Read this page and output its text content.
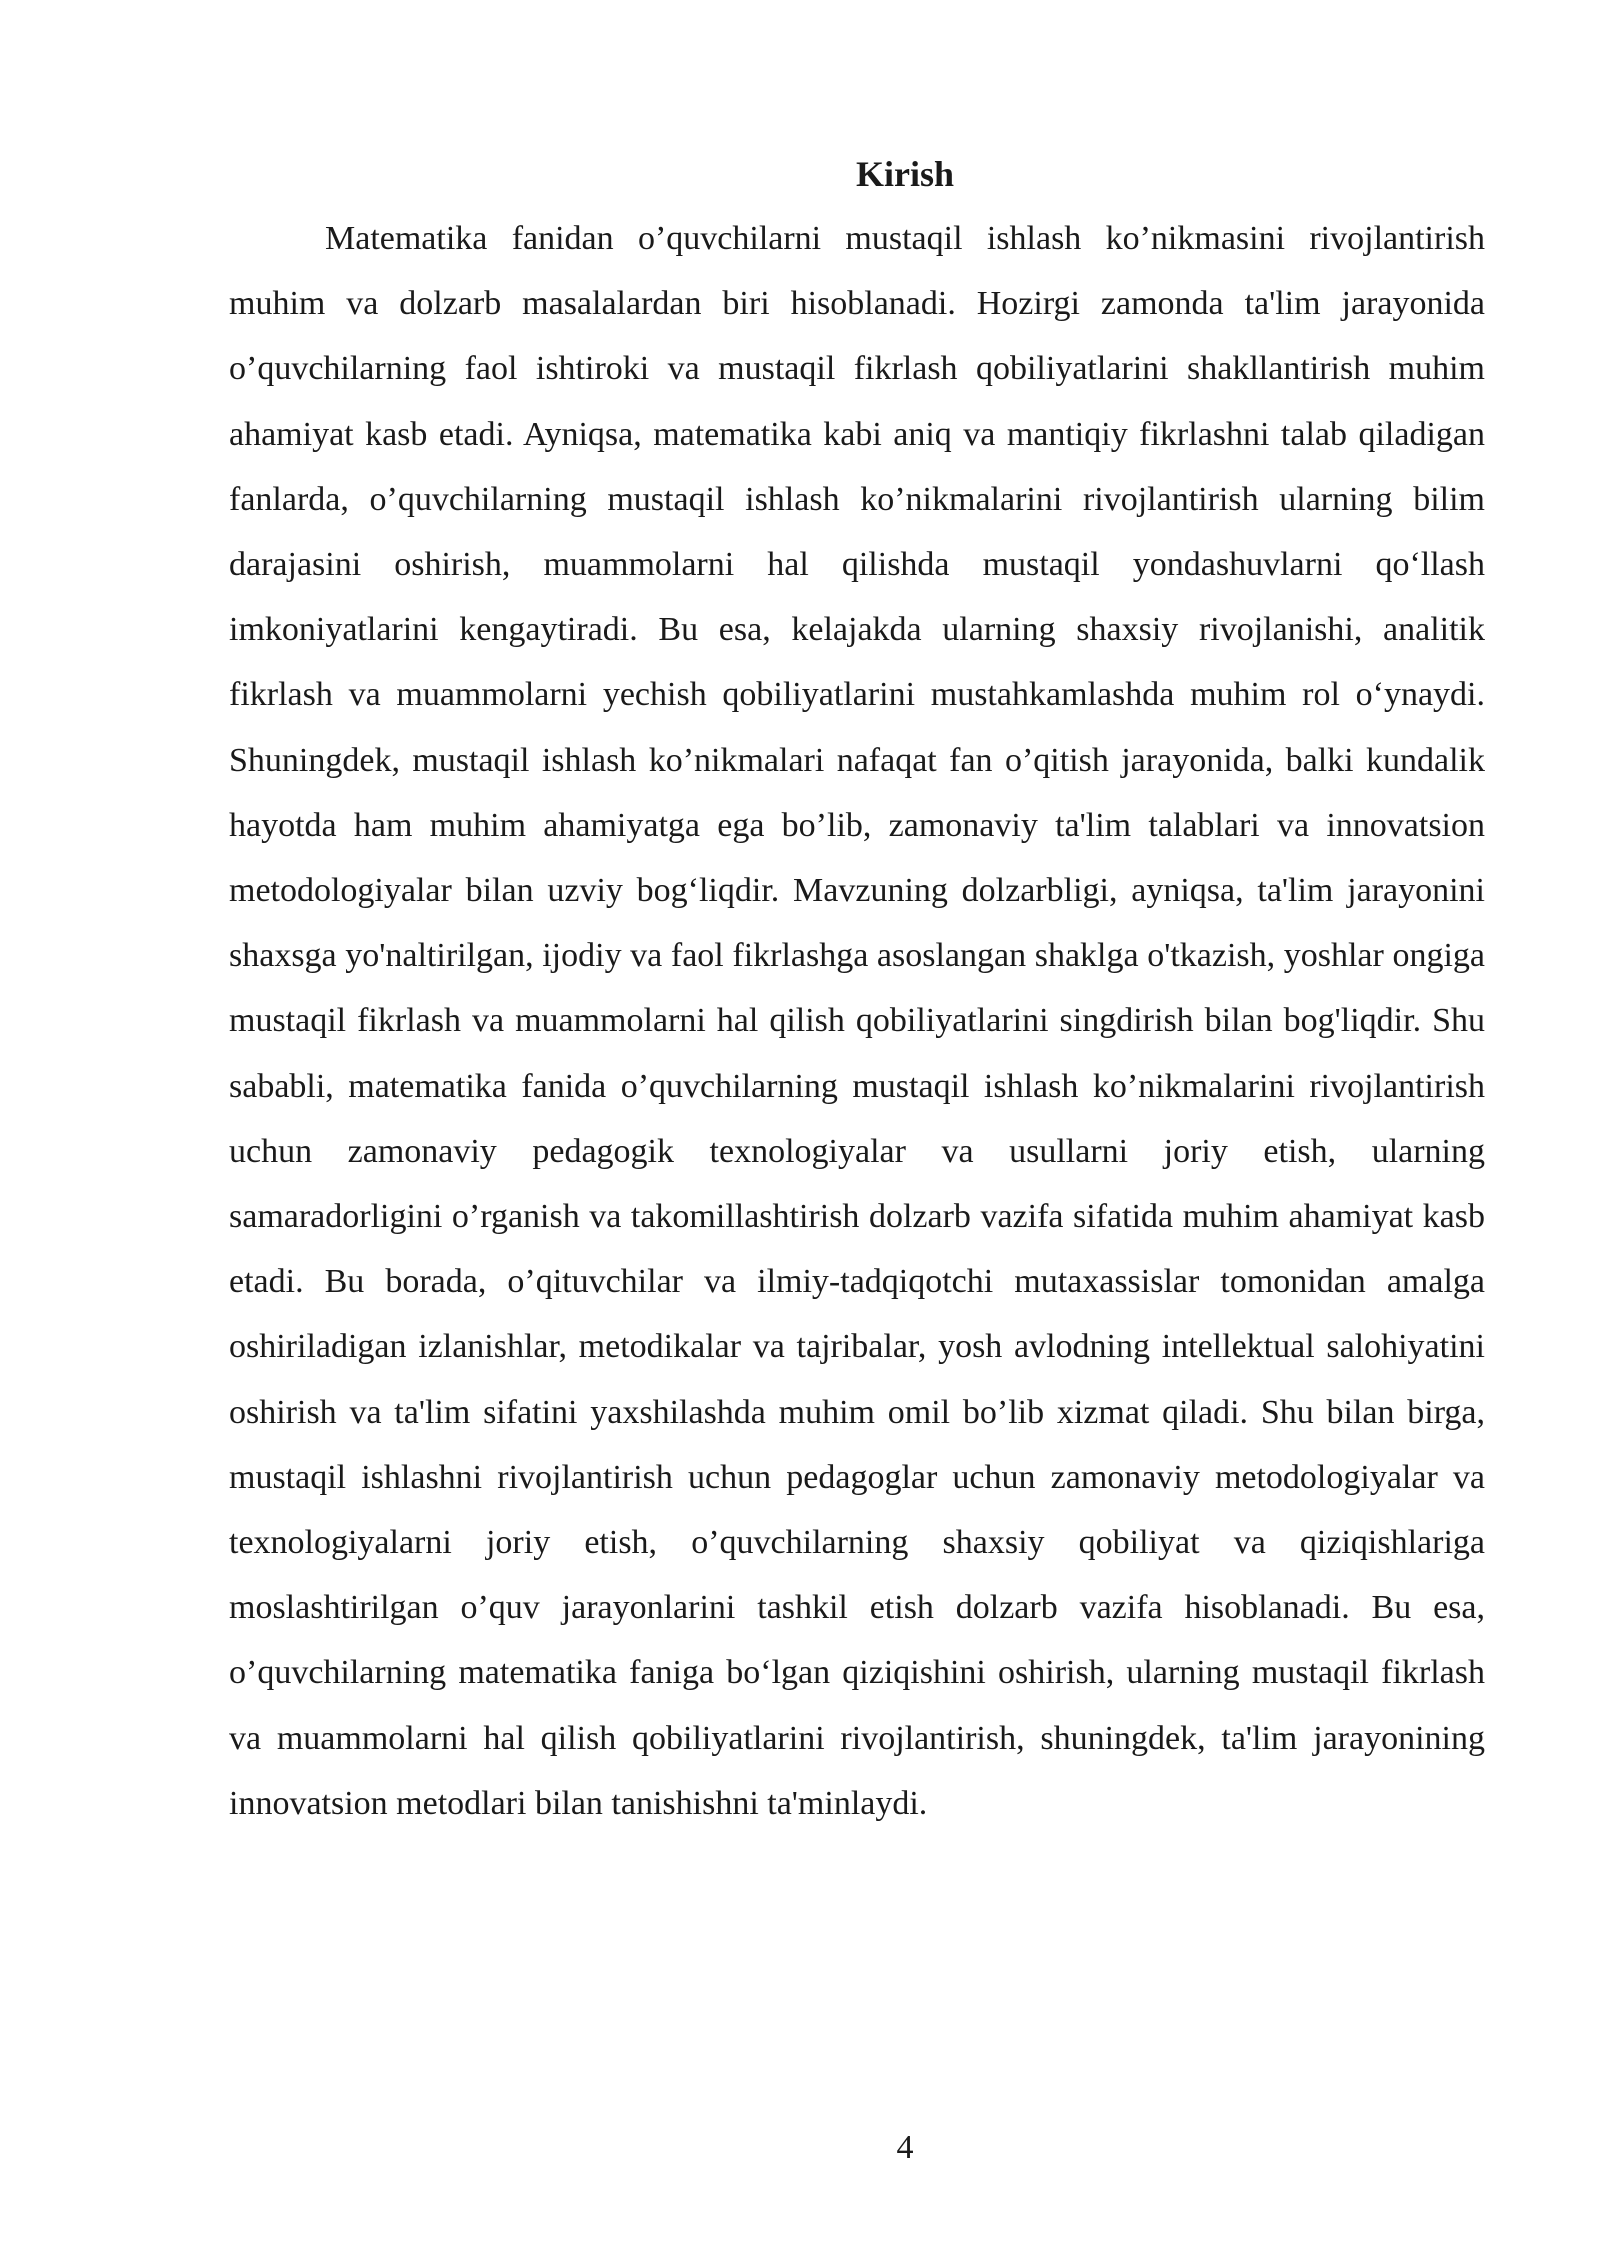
Kirish

Matematika fanidan o’quvchilarni mustaqil ishlash ko’nikmasini rivojlantirish muhim va dolzarb masalalardan biri hisoblanadi. Hozirgi zamonda ta'lim jarayonida o’quvchilarning faol ishtiroki va mustaqil fikrlash qobiliyatlarini shakllantirish muhim ahamiyat kasb etadi. Ayniqsa, matematika kabi aniq va mantiqiy fikrlashni talab qiladigan fanlarda, o’quvchilarning mustaqil ishlash ko’nikmalarini rivojlantirish ularning bilim darajasini oshirish, muammolarni hal qilishda mustaqil yondashuvlarni qo‘llash imkoniyatlarini kengaytiradi. Bu esa, kelajakda ularning shaxsiy rivojlanishi, analitik fikrlash va muammolarni yechish qobiliyatlarini mustahkamlashda muhim rol o‘ynaydi. Shuningdek, mustaqil ishlash ko’nikmalari nafaqat fan o’qitish jarayonida, balki kundalik hayotda ham muhim ahamiyatga ega bo’lib, zamonaviy ta'lim talablari va innovatsion metodologiyalar bilan uzviy bog‘liqdir. Mavzuning dolzarbligi, ayniqsa, ta'lim jarayonini shaxsga yo'naltirilgan, ijodiy va faol fikrlashga asoslangan shaklga o'tkazish, yoshlar ongiga mustaqil fikrlash va muammolarni hal qilish qobiliyatlarini singdirish bilan bog'liqdir. Shu sababli, matematika fanida o’quvchilarning mustaqil ishlash ko’nikmalarini rivojlantirish uchun zamonaviy pedagogik texnologiyalar va usullarni joriy etish, ularning samaradorligini o’rganish va takomillashtirish dolzarb vazifa sifatida muhim ahamiyat kasb etadi. Bu borada, o’qituvchilar va ilmiy-tadqiqotchi mutaxassislar tomonidan amalga oshiriladigan izlanishlar, metodikalar va tajribalar, yosh avlodning intellektual salohiyatini oshirish va ta'lim sifatini yaxshilashda muhim omil bo’lib xizmat qiladi. Shu bilan birga, mustaqil ishlashni rivojlantirish uchun pedagoglar uchun zamonaviy metodologiyalar va texnologiyalarni joriy etish, o’quvchilarning shaxsiy qobiliyat va qiziqishlariga moslashtirilgan o’quv jarayonlarini tashkil etish dolzarb vazifa hisoblanadi. Bu esa, o’quvchilarning matematika faniga bo‘lgan qiziqishini oshirish, ularning mustaqil fikrlash va muammolarni hal qilish qobiliyatlarini rivojlantirish, shuningdek, ta'lim jarayonining innovatsion metodlari bilan tanishishni ta'minlaydi.

4
